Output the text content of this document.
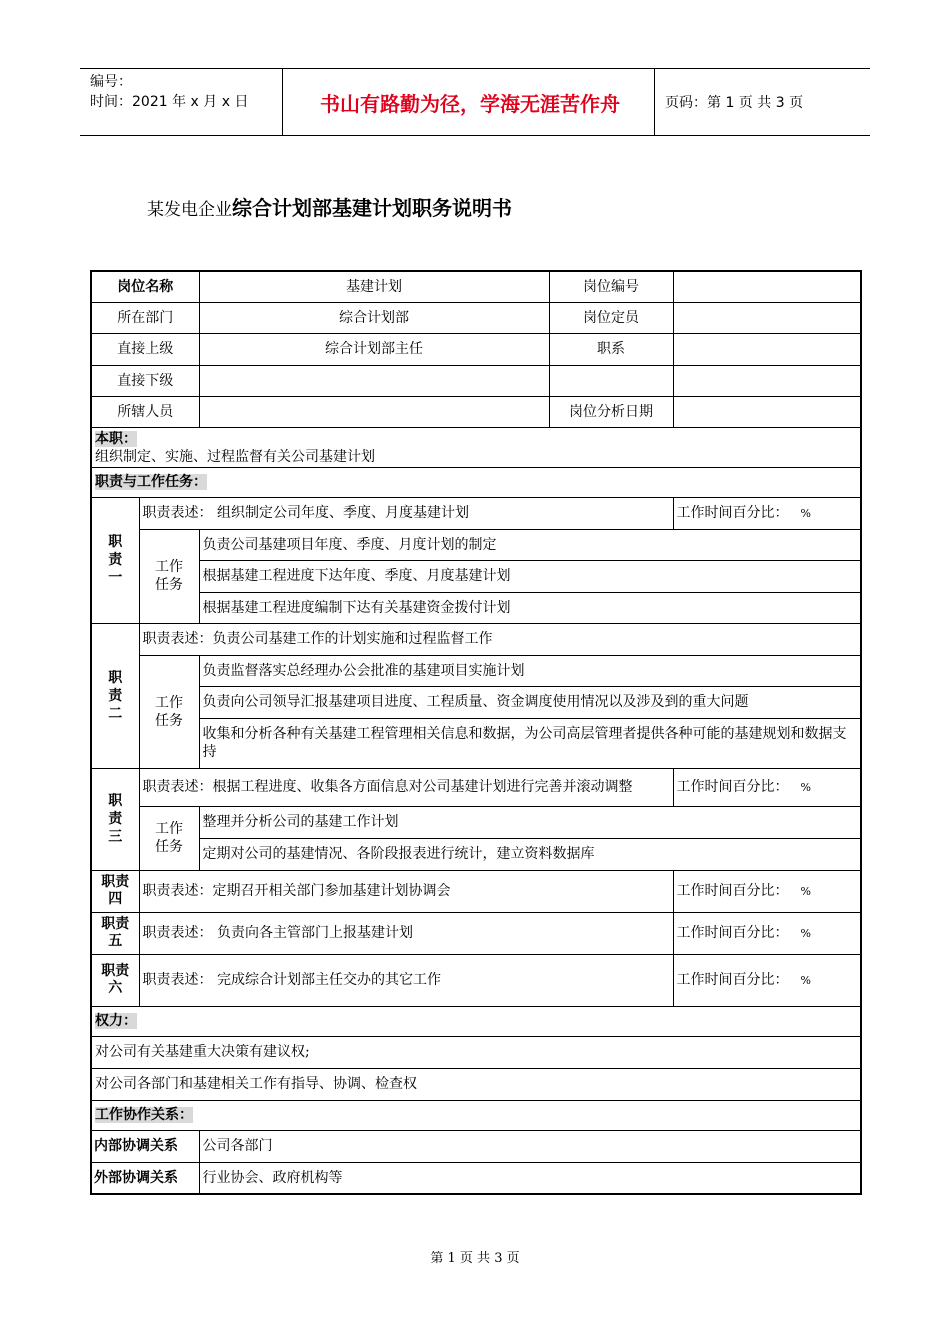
编号：
时间：2021 年 x 月 x 日	书山有路勤为径，学海无涯苦作舟	页码：第 1 页 共 3 页
某发电企业综合计划部基建计划职务说明书
岗位名称		基建计划	岗位编号	
所在部门		综合计划部	岗位定员	
直接上级		综合计划部主任	职系	
直接下级				
所辖人员			岗位分析日期	

本职：
组织制定、实施、过程监督有关公司基建计划				

职责与工作任务：				
职责一	职责表述： 组织制定公司年度、季度、月度基建计划			工作时间百分比： %
	工作任务	负责公司基建项目年度、季度、月度计划的制定		
		根据基建工程进度下达年度、季度、月度基建计划		
		根据基建工程进度编制下达有关基建资金拨付计划		
职责二	职责表述：负责公司基建工作的计划实施和过程监督工作			
	工作任务	负责监督落实总经理办公会批准的基建项目实施计划		
		负责向公司领导汇报基建项目进度、工程质量、资金调度使用情况以及涉及到的重大问题		
		收集和分析各种有关基建工程管理相关信息和数据，为公司高层管理者提供各种可能的基建规划和数据支持		
职责三	职责表述：根据工程进度、收集各方面信息对公司基建计划进行完善并滚动调整			工作时间百分比： %
	工作任务	整理并分析公司的基建工作计划		
		定期对公司的基建情况、各阶段报表进行统计，建立资料数据库		
职责四	职责表述：定期召开相关部门参加基建计划协调会			工作时间百分比： %
职责五	职责表述： 负责向各主管部门上报基建计划			工作时间百分比： %
职责六	职责表述： 完成综合计划部主任交办的其它工作			工作时间百分比： %
权力：				
对公司有关基建重大决策有建议权;				
对公司各部门和基建相关工作有指导、协调、检查权				
工作协作关系：				
内部协调关系		公司各部门		
外部协调关系		行业协会、政府机构等		
第 1 页 共 3 页
